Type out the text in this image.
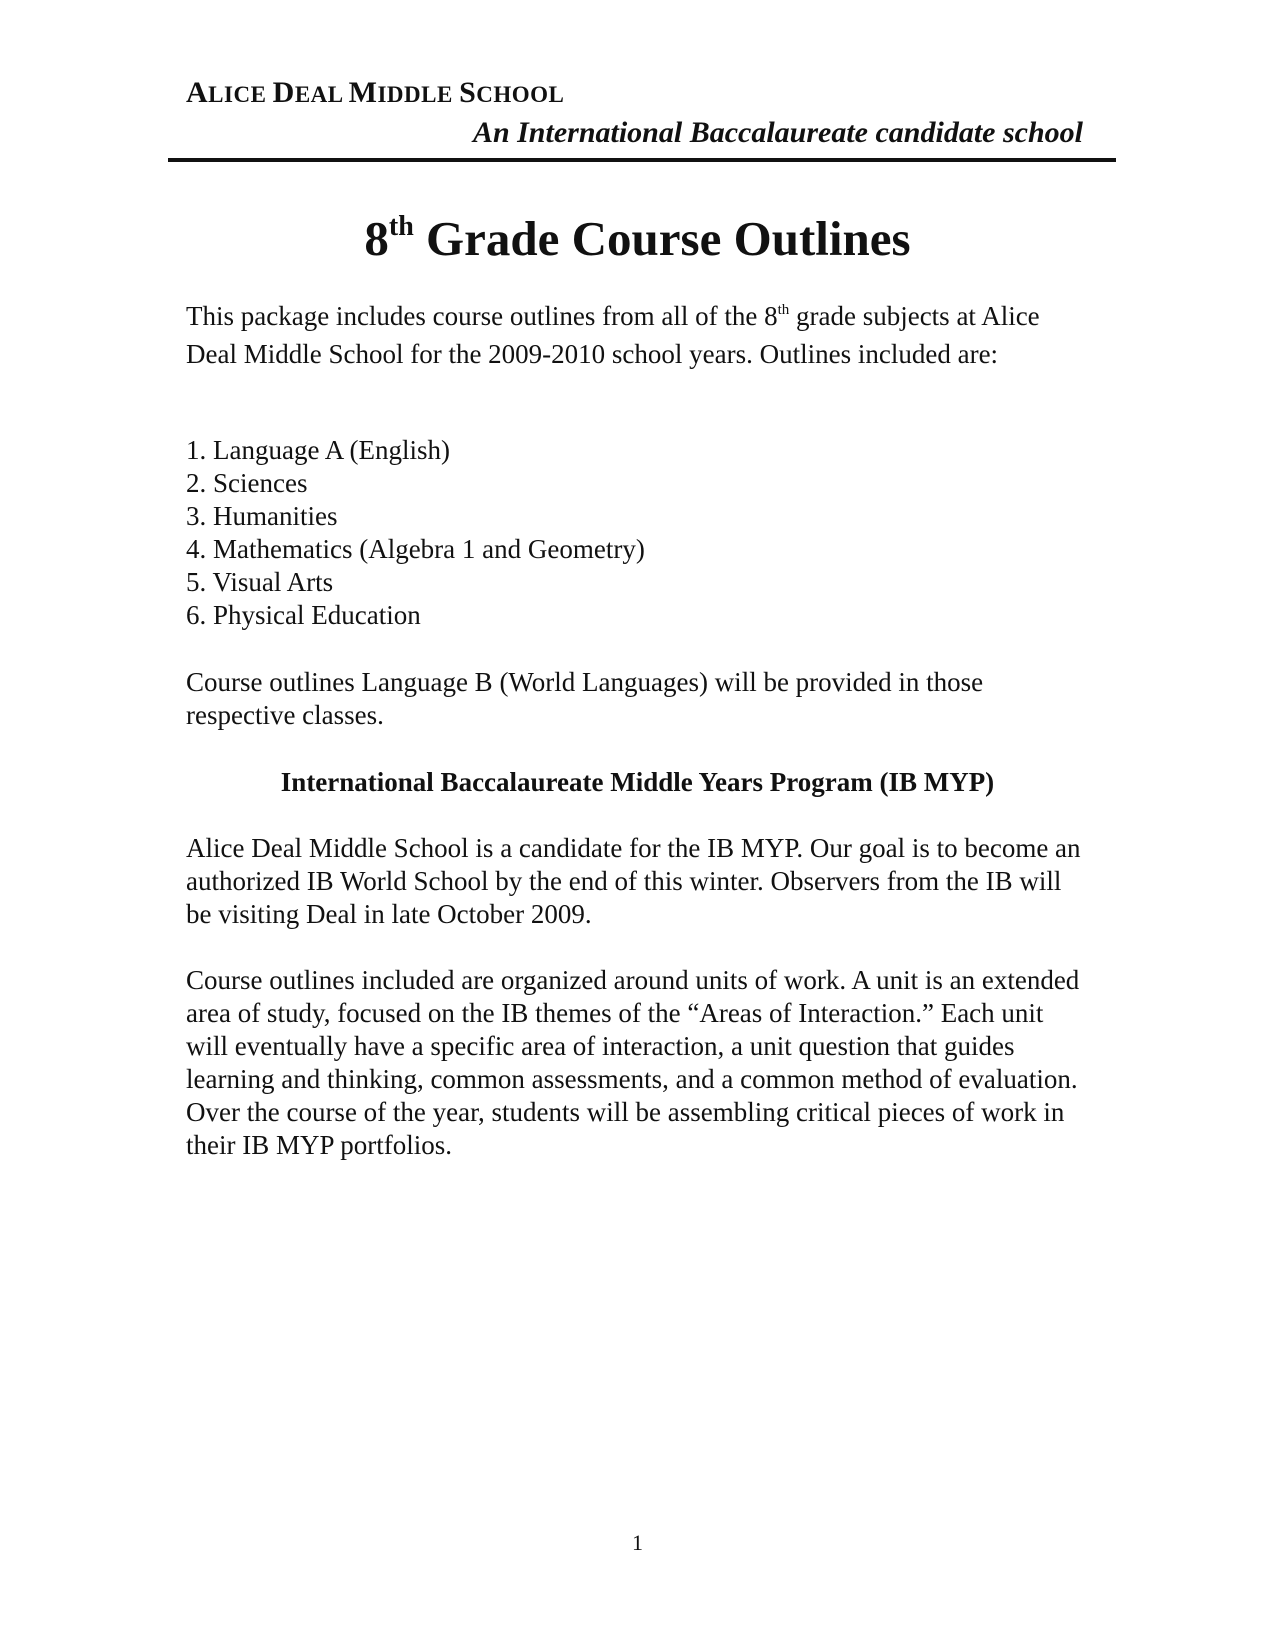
ALICE DEAL MIDDLE SCHOOL
An International Baccalaureate candidate school
8th Grade Course Outlines

This package includes course outlines from all of the 8th grade subjects at Alice Deal Middle School for the 2009-2010 school years. Outlines included are:

1. Language A (English)
2. Sciences
3. Humanities
4. Mathematics (Algebra 1 and Geometry)
5. Visual Arts
6. Physical Education

Course outlines Language B (World Languages) will be provided in those respective classes.

International Baccalaureate Middle Years Program (IB MYP)

Alice Deal Middle School is a candidate for the IB MYP. Our goal is to become an authorized IB World School by the end of this winter. Observers from the IB will be visiting Deal in late October 2009.

Course outlines included are organized around units of work. A unit is an extended area of study, focused on the IB themes of the “Areas of Interaction.” Each unit will eventually have a specific area of interaction, a unit question that guides learning and thinking, common assessments, and a common method of evaluation. Over the course of the year, students will be assembling critical pieces of work in their IB MYP portfolios.

1
